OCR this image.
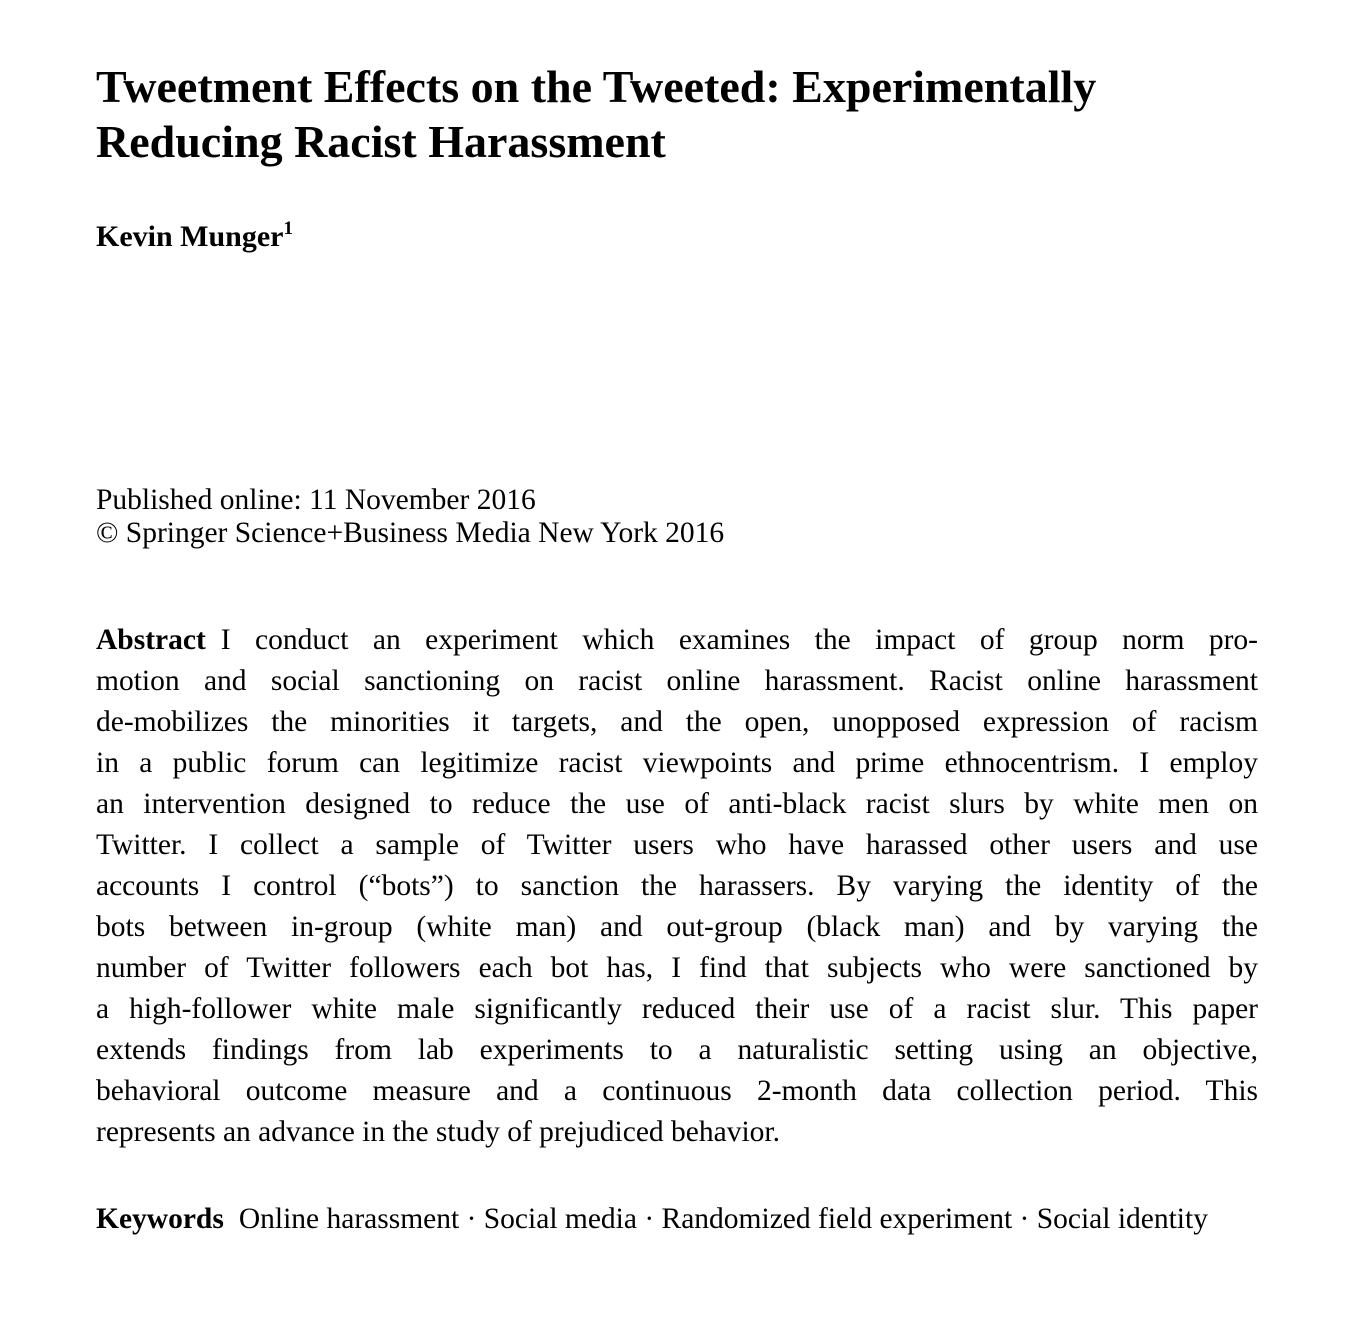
Tweetment Effects on the Tweeted: Experimentally
Reducing Racist Harassment
Kevin Munger$^1$
Published online: 11 November 2016
© Springer Science+Business Media New York 2016
Abstract I conduct an experiment which examines the impact of group norm pro-
motion and social sanctioning on racist online harassment. Racist online harassment
de-mobilizes the minorities it targets, and the open, unopposed expression of racism
in a public forum can legitimize racist viewpoints and prime ethnocentrism. I employ
an intervention designed to reduce the use of anti-black racist slurs by white men on
Twitter. I collect a sample of Twitter users who have harassed other users and use
accounts I control (“bots”) to sanction the harassers. By varying the identity of the
bots between in-group (white man) and out-group (black man) and by varying the
number of Twitter followers each bot has, I find that subjects who were sanctioned by
a high-follower white male significantly reduced their use of a racist slur. This paper
extends findings from lab experiments to a naturalistic setting using an objective,
behavioral outcome measure and a continuous 2-month data collection period. This
represents an advance in the study of prejudiced behavior.
Keywords Online harassment · Social media · Randomized field experiment · Social identity
